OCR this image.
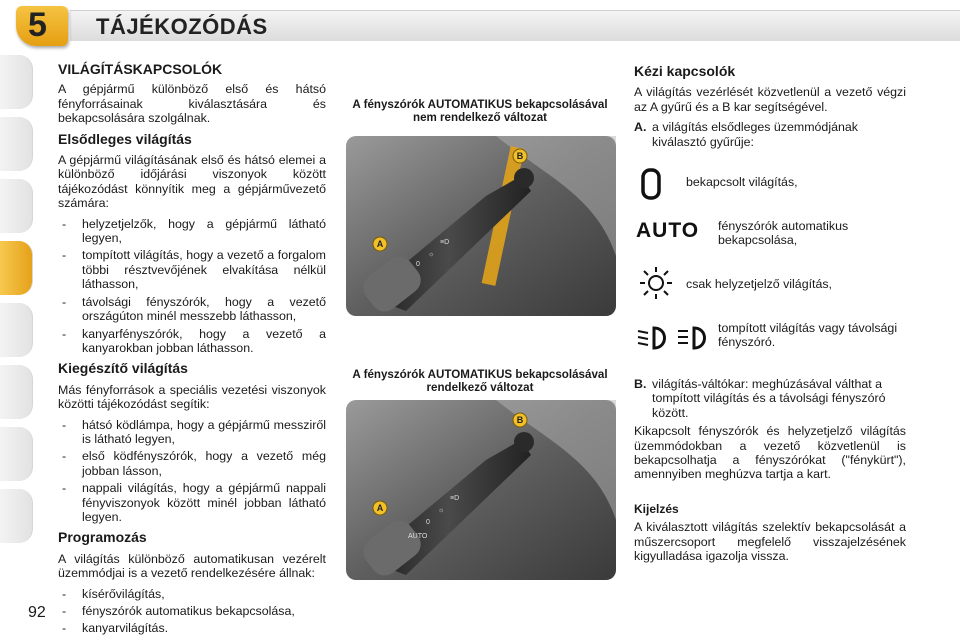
5 TÁJÉKOZÓDÁS
92
VILÁGÍTÁSKAPCSOLÓK

A gépjármű különböző első és hátsó fényforrásainak kiválasztására és bekapcsolására szolgálnak.

Elsődleges világítás

A gépjármű világításának első és hátsó elemei a különböző időjárási viszonyok között tájékozódást könnyítik meg a gépjárművezető számára:

- helyzetjelzők, hogy a gépjármű látható legyen,
- tompított világítás, hogy a vezető a forgalom többi résztvevőjének elvakítása nélkül láthasson,
- távolsági fényszórók, hogy a vezető országúton minél messzebb láthasson,
- kanyarfényszórók, hogy a vezető a kanyarokban jobban láthasson.
Kiegészítő világítás

Más fényforrások a speciális vezetési viszonyok közötti tájékozódást segítik:

- hátsó ködlámpa, hogy a gépjármű messziről is látható legyen,
- első ködfényszórók, hogy a vezető még jobban lásson,
- nappali világítás, hogy a gépjármű nappali fényviszonyok között minél jobban látható legyen.
Programozás

A világítás különböző automatikusan vezérelt üzemmódjai is a vezető rendelkezésére állnak:

- kísérővilágítás,
- fényszórók automatikus bekapcsolása,
- kanyarvilágítás.
A fényszórók AUTOMATIKUS bekapcsolásával nem rendelkező változat
0
☼
≡D
A
B
A fényszórók AUTOMATIKUS bekapcsolásával rendelkező változat
AUTO
0
☼
≡D
A
B
Kézi kapcsolók

A világítás vezérlését közvetlenül a vezető végzi az A gyűrű és a B kar segítségével.

A. a világítás elsődleges üzemmódjának kiválasztó gyűrűje:
bekapcsolt világítás,
AUTO fényszórók automatikus bekapcsolása,
csak helyzetjelző világítás,
tompított világítás vagy távolsági fényszóró.
B. világítás-váltókar: meghúzásával válthat a tompított világítás és a távolsági fényszóró között.

Kikapcsolt fényszórók és helyzetjelző világítás üzemmódokban a vezető közvetlenül is bekapcsolhatja a fényszórókat ("fénykürt"), amennyiben meghúzva tartja a kart.

Kijelzés

A kiválasztott világítás szelektív bekapcsolását a műszercsoport megfelelő visszajelzésének kigyulladása igazolja vissza.
